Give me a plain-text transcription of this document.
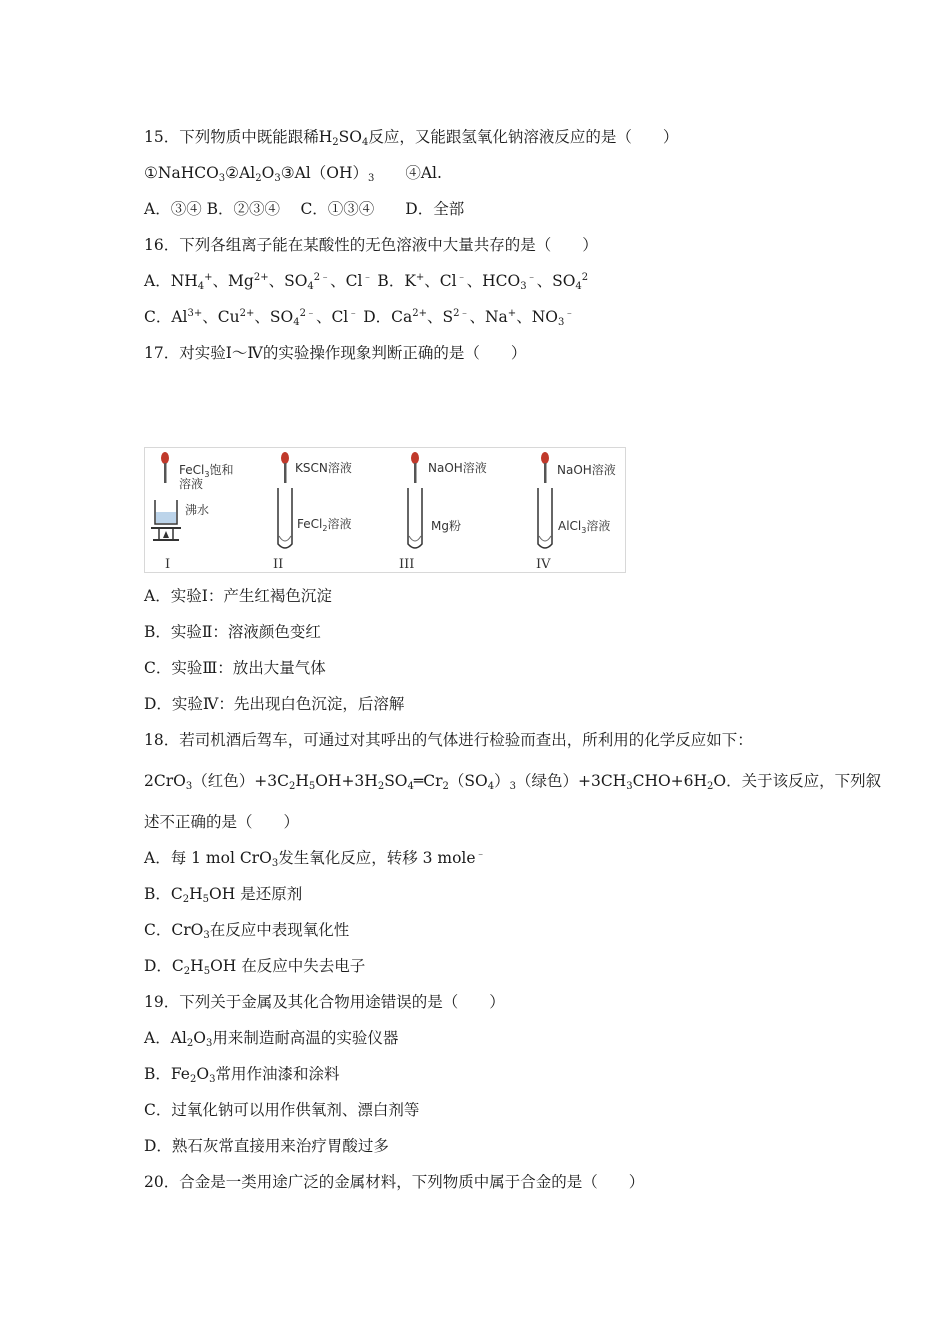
15．下列物质中既能跟稀$H_2SO_4$反应，又能跟氢氧化钠溶液反应的是（　　）
$①NaHCO_3②Al_2O_3③Al(OH)_3$　　④Al.
A．③④ B．②③④　 C．①③④　　D．全部
16．下列各组离子能在某酸性的无色溶液中大量共存的是（　　）
A．$NH_4^+$、$Mg^{2+}$、$SO_4^{2﹣}$、Cl﹣ B．K+、Cl﹣、$HCO_3^﹣$、$SO_4^2$
C．$Al^{3+}$、$Cu^{2+}$、$SO_4^{2﹣}$、Cl﹣ D．$Ca^{2+}$、$S^{2﹣}$、Na+、$NO_3^﹣$
17．对实验Ⅰ～Ⅳ的实验操作现象判断正确的是（　　）
FeCl$_3$饱和
溶液
沸水
I
KSCN溶液
FeCl$_2$溶液
II
NaOH溶液
Mg粉
III
NaOH溶液
AlCl$_3$溶液
IV
A．实验Ⅰ：产生红褐色沉淀
B．实验Ⅱ：溶液颜色变红
C．实验Ⅲ：放出大量气体
D．实验Ⅳ：先出现白色沉淀，后溶解
18．若司机酒后驾车，可通过对其呼出的气体进行检验而查出，所利用的化学反应如下：
2CrO$_3$（红色）$+3C_2H_5OH+3H_2SO_4═Cr_2(SO_4)_3$（绿色）$+3CH_3CHO+6H_2O$．关于该反应，下列叙
述不正确的是（　　）
A．每 1 mol CrO$_3$发生氧化反应，转移 3 mole﹣
B．$C_2H_5OH$ 是还原剂
C．CrO$_3$在反应中表现氧化性
D．$C_2H_5OH$ 在反应中失去电子
19．下列关于金属及其化合物用途错误的是（　　）
A．$Al_2O_3$用来制造耐高温的实验仪器
B．$Fe_2O_3$常用作油漆和涂料
C．过氧化钠可以用作供氧剂、漂白剂等
D．熟石灰常直接用来治疗胃酸过多
20．合金是一类用途广泛的金属材料，下列物质中属于合金的是（　　）
